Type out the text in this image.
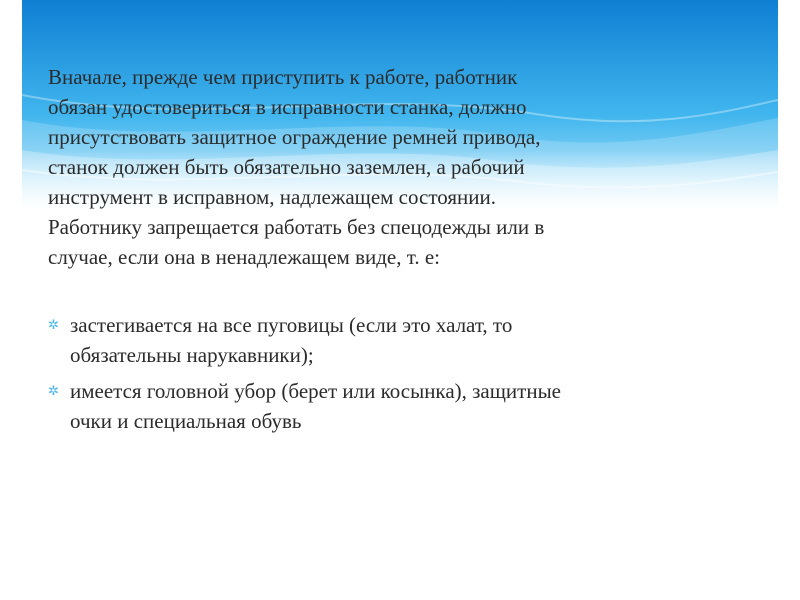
Вначале, прежде чем приступить к работе, работник
обязан удостовериться в исправности станка, должно
присутствовать защитное ограждение ремней привода,
станок должен быть обязательно заземлен, а рабочий
инструмент в исправном, надлежащем состоянии.
Работнику запрещается работать без спецодежды или в
случае, если она в ненадлежащем виде, т. е:

✲ застегивается на все пуговицы (если это халат, то
обязательны нарукавники);
✲ имеется головной убор (берет или косынка), защитные
очки и специальная обувь
